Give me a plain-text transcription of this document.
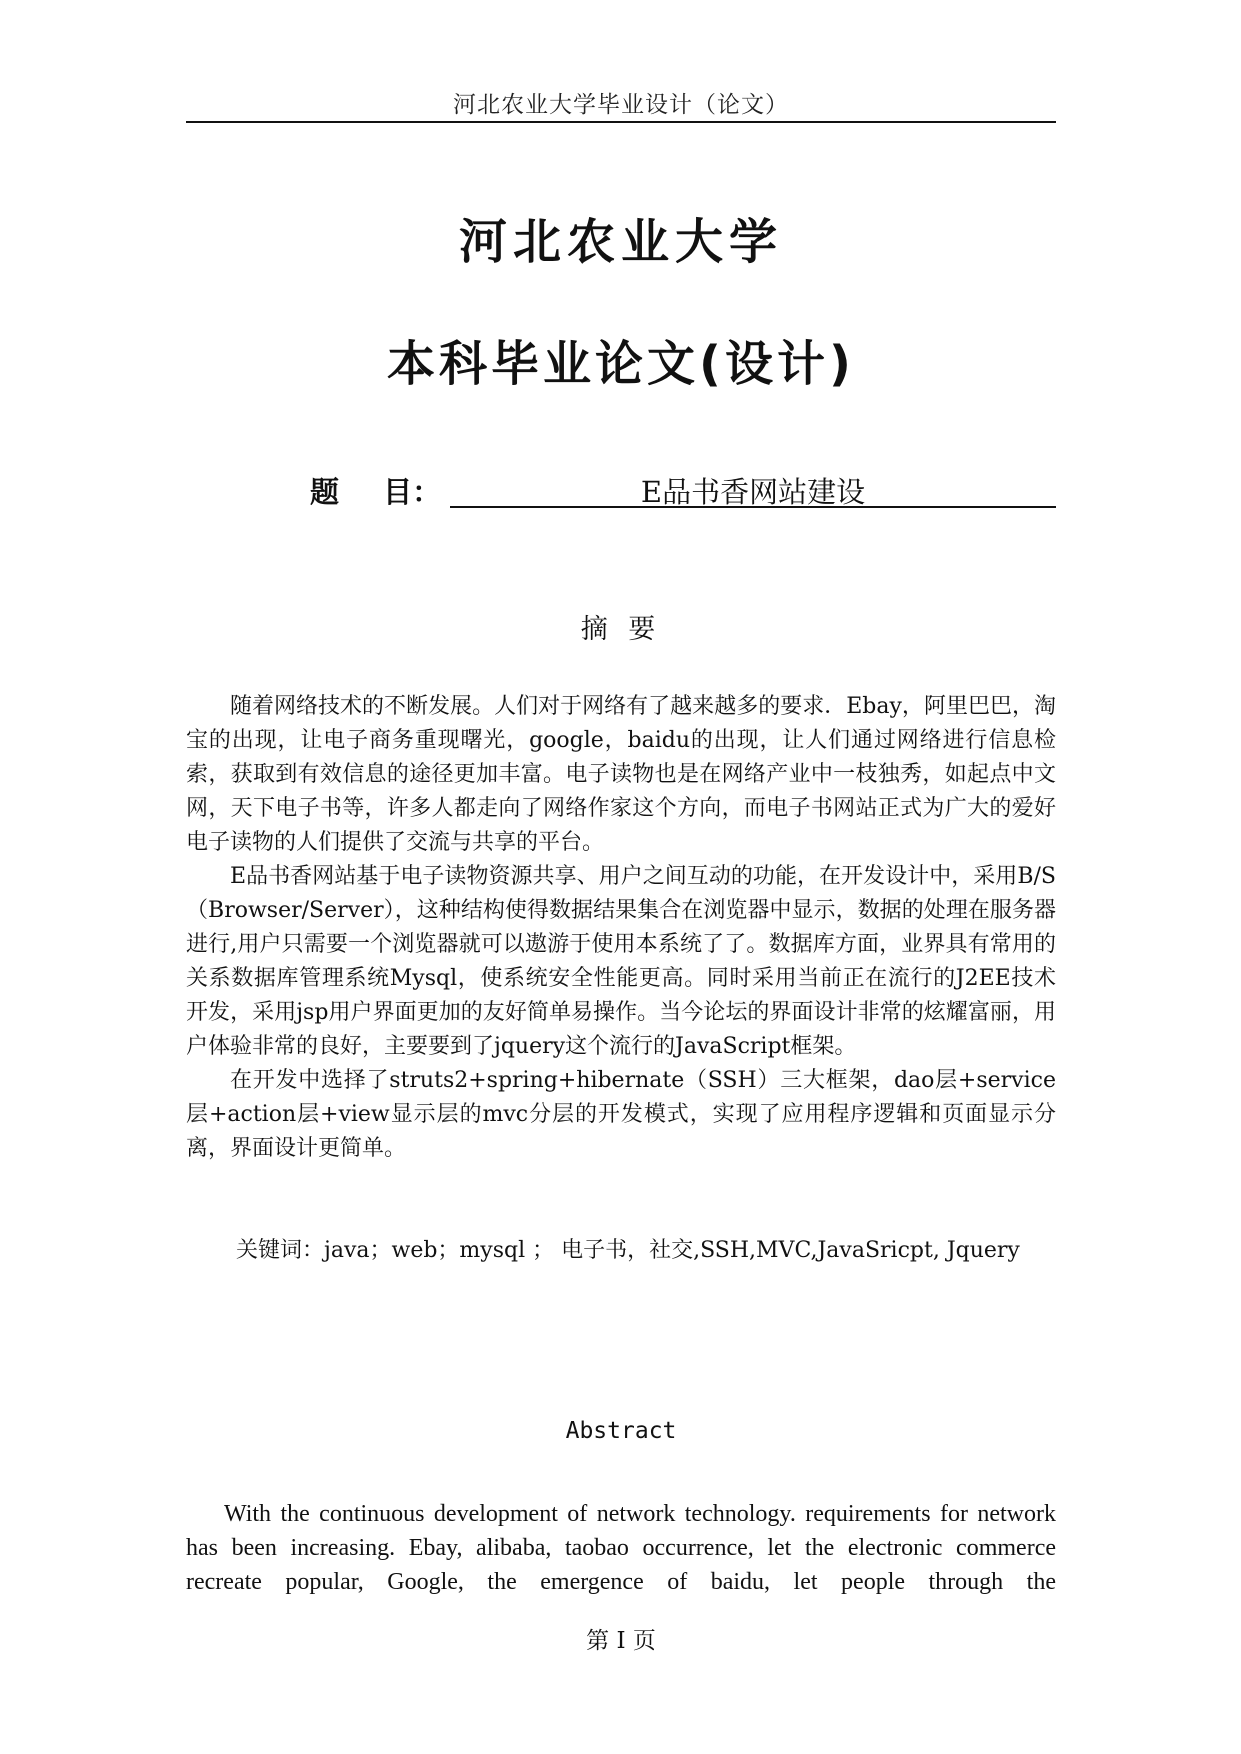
河北农业大学毕业设计（论文）
河北农业大学
本科毕业论文(设计)
题 目：	E品书香网站建设
摘 要

随着网络技术的不断发展。人们对于网络有了越来越多的要求．Ebay，阿里巴巴，淘宝的出现，让电子商务重现曙光，google，baidu的出现，让人们通过网络进行信息检索，获取到有效信息的途径更加丰富。电子读物也是在网络产业中一枝独秀，如起点中文网，天下电子书等，许多人都走向了网络作家这个方向，而电子书网站正式为广大的爱好电子读物的人们提供了交流与共享的平台。

E品书香网站基于电子读物资源共享、用户之间互动的功能，在开发设计中，采用B/S（Browser/Server），这种结构使得数据结果集合在浏览器中显示，数据的处理在服务器进行,用户只需要一个浏览器就可以遨游于使用本系统了了。数据库方面，业界具有常用的关系数据库管理系统Mysql，使系统安全性能更高。同时采用当前正在流行的J2EE技术开发，采用jsp用户界面更加的友好简单易操作。当今论坛的界面设计非常的炫耀富丽，用户体验非常的良好，主要要到了jquery这个流行的JavaScript框架。

在开发中选择了struts2+spring+hibernate（SSH）三大框架，dao层+service层+action层+view显示层的mvc分层的开发模式，实现了应用程序逻辑和页面显示分离，界面设计更简单。

关键词：java；web；mysql ； 电子书，社交,SSH,MVC,JavaSricpt, Jquery
Abstract

With the continuous development of network technology. requirements for network has been increasing. Ebay, alibaba, taobao occurrence, let the electronic commerce recreate popular, Google, the emergence of baidu, let people through the

第 I 页
